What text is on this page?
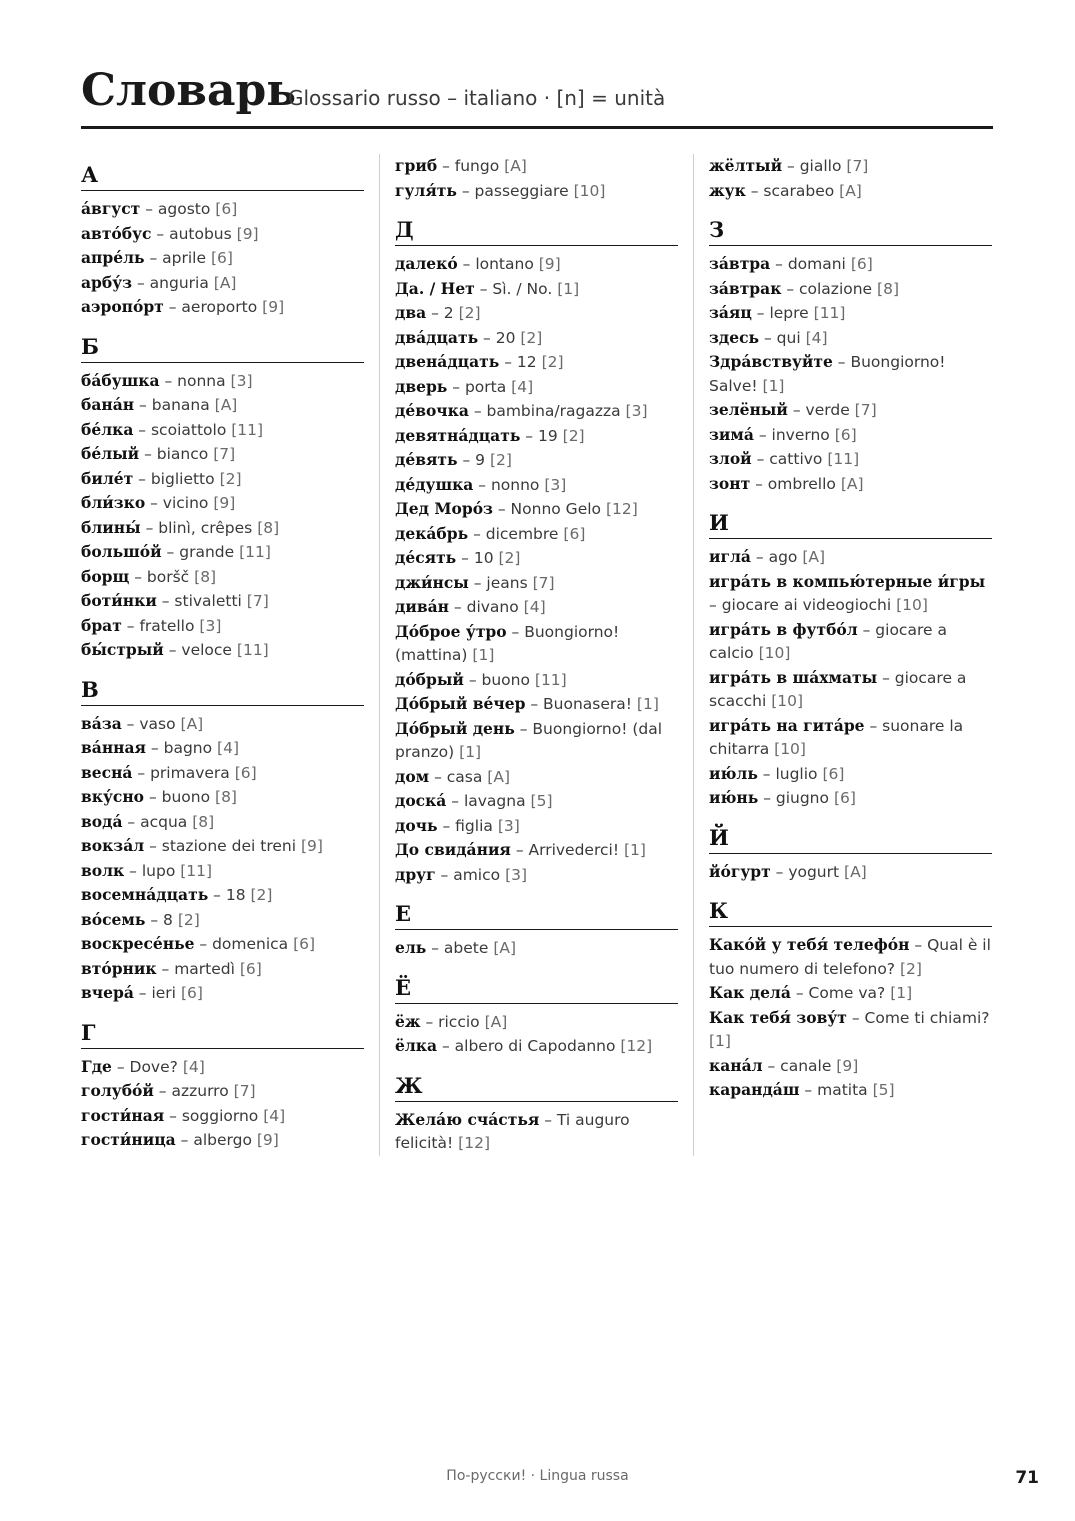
Словарь
Glossario russo – italiano · [n] = unità
А
а́вгуст – agosto [6]
авто́бус – autobus [9]
апре́ль – aprile [6]
арбу́з – anguria [A]
аэропо́рт – aeroporto [9]
Б
ба́бушка – nonna [3]
бана́н – banana [A]
бе́лка – scoiattolo [11]
бе́лый – bianco [7]
биле́т – biglietto [2]
бли́зко – vicino [9]
блины́ – blinì, crêpes [8]
большо́й – grande [11]
борщ – boršč [8]
боти́нки – stivaletti [7]
брат – fratello [3]
бы́стрый – veloce [11]
В
ва́за – vaso [A]
ва́нная – bagno [4]
весна́ – primavera [6]
вку́сно – buono [8]
вода́ – acqua [8]
вокза́л – stazione dei treni [9]
волк – lupo [11]
восемна́дцать – 18 [2]
во́семь – 8 [2]
воскресе́нье – domenica [6]
вто́рник – martedì [6]
вчера́ – ieri [6]
Г
Где – Dove? [4]
голубо́й – azzurro [7]
гости́ная – soggiorno [4]
гости́ница – albergo [9]
гриб – fungo [A]
гуля́ть – passeggiare [10]
Д
далеко́ – lontano [9]
Да. / Нет – Sì. / No. [1]
два – 2 [2]
два́дцать – 20 [2]
двена́дцать – 12 [2]
дверь – porta [4]
де́вочка – bambina/ragazza [3]
девятна́дцать – 19 [2]
де́вять – 9 [2]
де́душка – nonno [3]
Дед Моро́з – Nonno Gelo [12]
дека́брь – dicembre [6]
де́сять – 10 [2]
джи́нсы – jeans [7]
дива́н – divano [4]
До́брое у́тро – Buongiorno! (mattina) [1]
до́брый – buono [11]
До́брый ве́чер – Buonasera! [1]
До́брый день – Buongiorno! (dal pranzo) [1]
дом – casa [A]
доска́ – lavagna [5]
дочь – figlia [3]
До свида́ния – Arrivederci! [1]
друг – amico [3]
Е
ель – abete [A]
Ё
ёж – riccio [A]
ёлка – albero di Capodanno [12]
Ж
Жела́ю сча́стья – Ti auguro felicità! [12]
жёлтый – giallo [7]
жук – scarabeo [A]
З
за́втра – domani [6]
за́втрак – colazione [8]
за́яц – lepre [11]
здесь – qui [4]
Здра́вствуйте – Buongiorno! Salve! [1]
зелёный – verde [7]
зима́ – inverno [6]
злой – cattivo [11]
зонт – ombrello [A]
И
игла́ – ago [A]
игра́ть в компью́терные и́гры – giocare ai videogiochi [10]
игра́ть в футбо́л – giocare a calcio [10]
игра́ть в ша́хматы – giocare a scacchi [10]
игра́ть на гита́ре – suonare la chitarra [10]
ию́ль – luglio [6]
ию́нь – giugno [6]
Й
йо́гурт – yogurt [A]
К
Како́й у тебя́ телефо́н – Qual è il tuo numero di telefono? [2]
Как дела́ – Come va? [1]
Как тебя́ зову́т – Come ti chiami? [1]
кана́л – canale [9]
каранда́ш – matita [5]
По-русски! · Lingua russa	71
